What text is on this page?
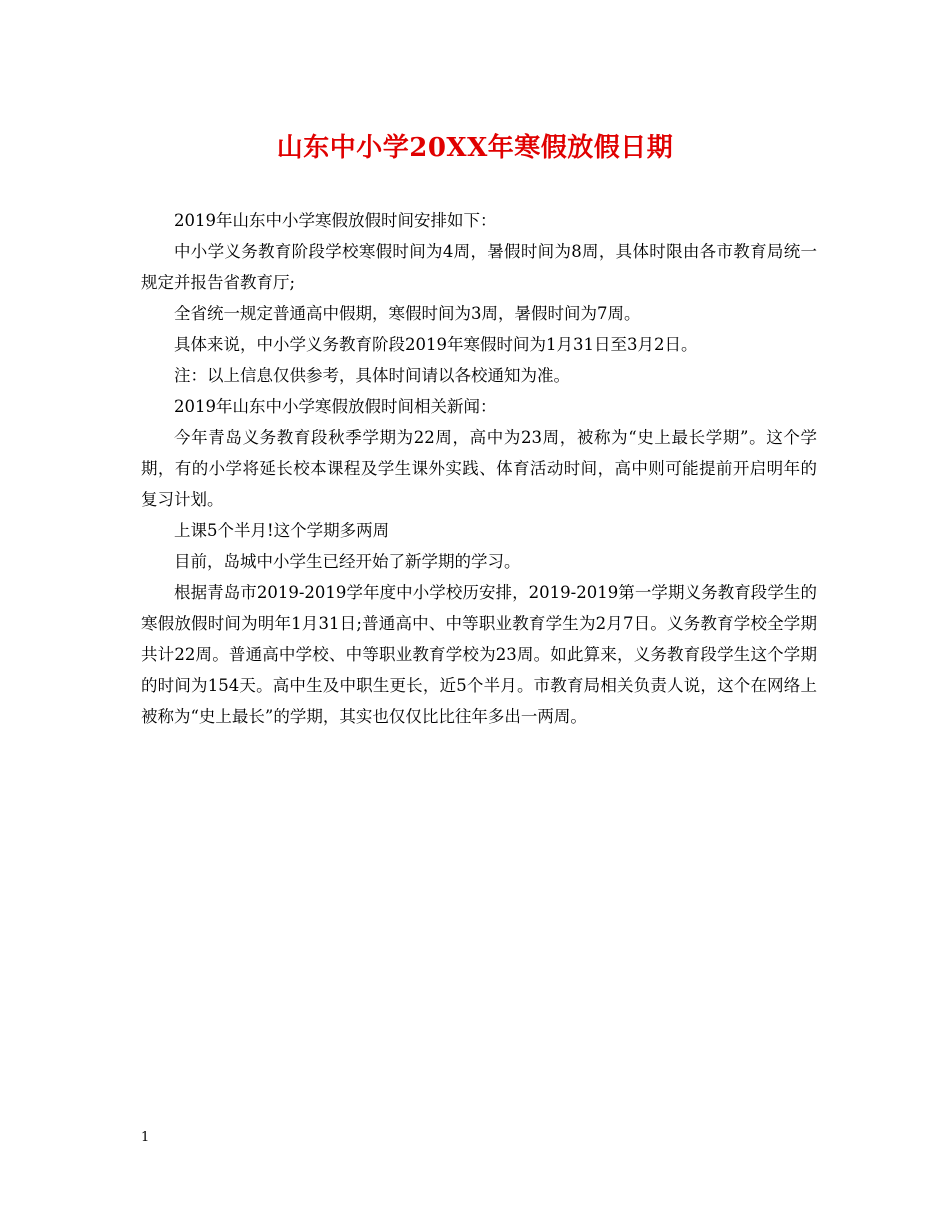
山东中小学20XX年寒假放假日期

2019年山东中小学寒假放假时间安排如下：

中小学义务教育阶段学校寒假时间为4周，暑假时间为8周，具体时限由各市教育局统一规定并报告省教育厅;

全省统一规定普通高中假期，寒假时间为3周，暑假时间为7周。

具体来说，中小学义务教育阶段2019年寒假时间为1月31日至3月2日。

注：以上信息仅供参考，具体时间请以各校通知为准。

2019年山东中小学寒假放假时间相关新闻：

今年青岛义务教育段秋季学期为22周，高中为23周，被称为“史上最长学期”。这个学期，有的小学将延长校本课程及学生课外实践、体育活动时间，高中则可能提前开启明年的复习计划。

上课5个半月!这个学期多两周

目前，岛城中小学生已经开始了新学期的学习。

根据青岛市2019-2019学年度中小学校历安排，2019-2019第一学期义务教育段学生的寒假放假时间为明年1月31日;普通高中、中等职业教育学生为2月7日。义务教育学校全学期共计22周。普通高中学校、中等职业教育学校为23周。如此算来，义务教育段学生这个学期的时间为154天。高中生及中职生更长，近5个半月。市教育局相关负责人说，这个在网络上被称为“史上最长”的学期，其实也仅仅比比往年多出一两周。

1
